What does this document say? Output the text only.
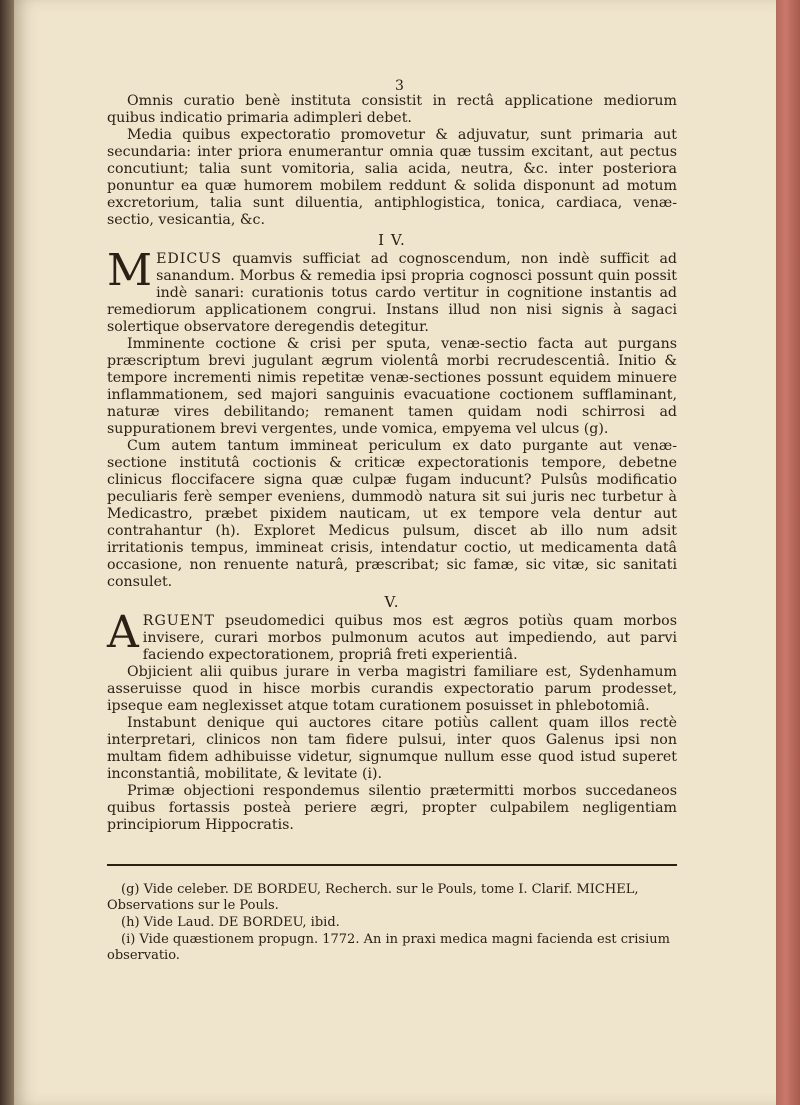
3

Omnis curatio benè instituta consistit in rectâ applicatione mediorum quibus indicatio primaria adimpleri debet.

Media quibus expectoratio promovetur & adjuvatur, sunt primaria aut secundaria: inter priora enumerantur omnia quæ tussim excitant, aut pectus concutiunt; talia sunt vomitoria, salia acida, neutra, &c. inter posteriora ponuntur ea quæ humorem mobilem reddunt & solida disponunt ad motum excretorium, talia sunt diluentia, antiphlogistica, tonica, cardiaca, venæ-sectio, vesicantia, &c.

I V.

MEDICUS quamvis sufficiat ad cognoscendum, non indè sufficit ad sanandum. Morbus & remedia ipsi propria cognosci possunt quin possit indè sanari: curationis totus cardo vertitur in cognitione instantis ad remediorum applicationem congrui. Instans illud non nisi signis à sagaci solertique observatore deregendis detegitur.

Imminente coctione & crisi per sputa, venæ-sectio facta aut purgans præscriptum brevi jugulant ægrum violentâ morbi recrudescentiâ. Initio & tempore incrementi nimis repetitæ venæ-sectiones possunt equidem minuere inflammationem, sed majori sanguinis evacuatione coctionem sufflaminant, naturæ vires debilitando; remanent tamen quidam nodi schirrosi ad suppurationem brevi vergentes, unde vomica, empyema vel ulcus (g).

Cum autem tantum immineat periculum ex dato purgante aut venæ-sectione institutâ coctionis & criticæ expectorationis tempore, debetne clinicus floccifacere signa quæ culpæ fugam inducunt? Pulsûs modificatio peculiaris ferè semper eveniens, dummodò natura sit sui juris nec turbetur à Medicastro, præbet pixidem nauticam, ut ex tempore vela dentur aut contrahantur (h). Exploret Medicus pulsum, discet ab illo num adsit irritationis tempus, immineat crisis, intendatur coctio, ut medicamenta datâ occasione, non renuente naturâ, præscribat; sic famæ, sic vitæ, sic sanitati consulet.

V.

ARGUENT pseudomedici quibus mos est ægros potiùs quam morbos invisere, curari morbos pulmonum acutos aut impediendo, aut parvi faciendo expectorationem, propriâ freti experientiâ.

Objicient alii quibus jurare in verba magistri familiare est, Sydenhamum asseruisse quod in hisce morbis curandis expectoratio parum prodesset, ipseque eam neglexisset atque totam curationem posuisset in phlebotomiâ.

Instabunt denique qui auctores citare potiùs callent quam illos rectè interpretari, clinicos non tam fidere pulsui, inter quos Galenus ipsi non multam fidem adhibuisse videtur, signumque nullum esse quod istud superet inconstantiâ, mobilitate, & levitate (i).

Primæ objectioni respondemus silentio prætermitti morbos succedaneos quibus fortassis posteà periere ægri, propter culpabilem negligentiam principiorum Hippocratis.

(g) Vide celeber. DE BORDEU, Recherch. sur le Pouls, tome I. Clarif. MICHEL, Observations sur le Pouls.

(h) Vide Laud. DE BORDEU, ibid.

(i) Vide quæstionem propugn. 1772. An in praxi medica magni facienda est crisium observatio.
